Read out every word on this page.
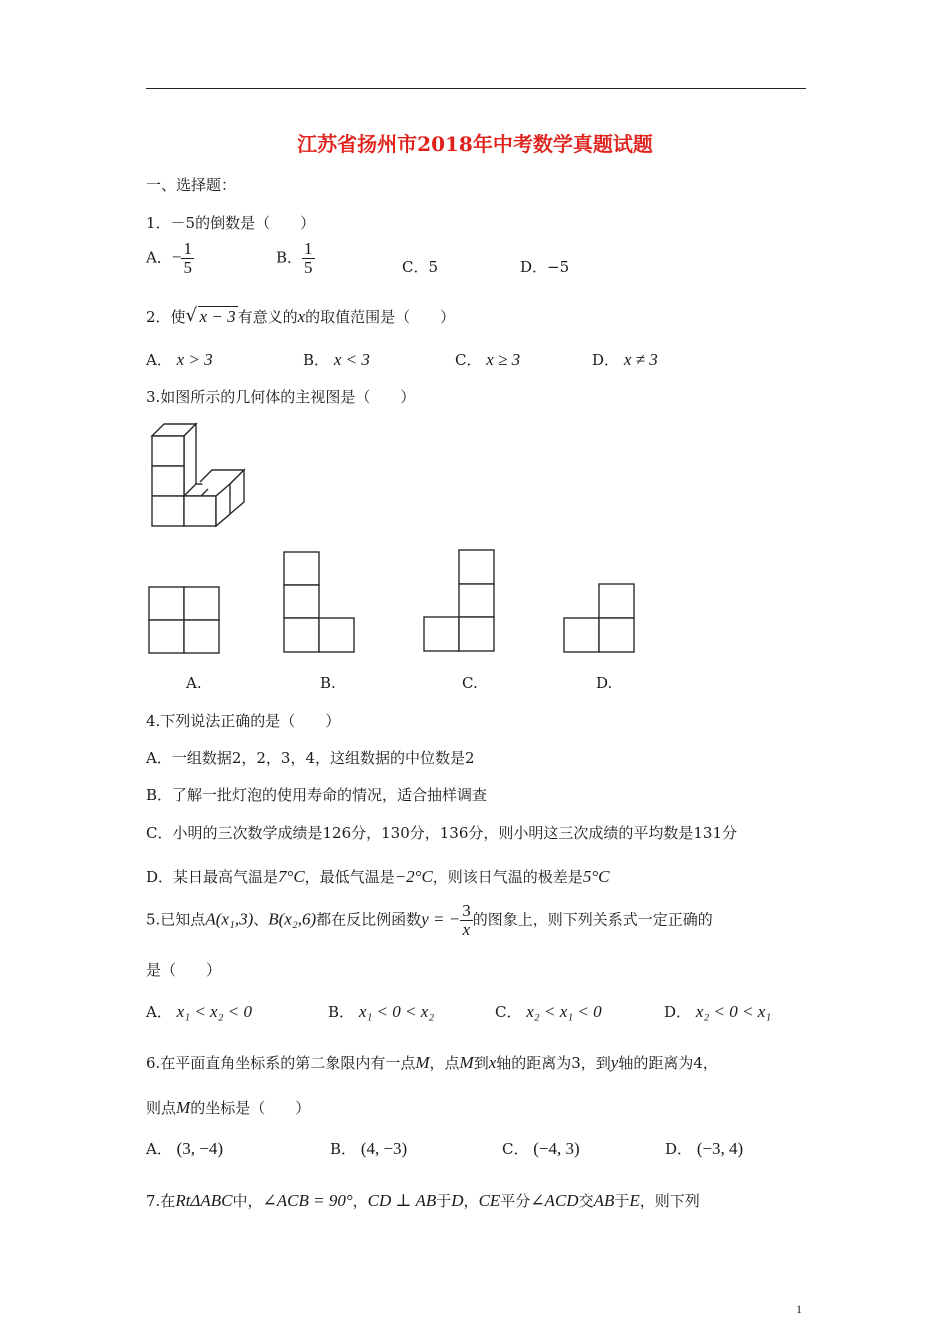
江苏省扬州市2018年中考数学真题试题
一、选择题：
1．－5的倒数是（　　）
A．− $\frac{1}{5}$	B． $\frac{1}{5}$	C．5	D．−5
2．使 √ x − 3 有意义的x的取值范围是（　　）
A． x > 3	B． x < 3	C． x ≥ 3	D． x ≠ 3
3.如图所示的几何体的主视图是（　　）
A.	B.	C.	D.
4.下列说法正确的是（　　）
A．一组数据2，2，3，4，这组数据的中位数是2
B．了解一批灯泡的使用寿命的情况，适合抽样调查
C．小明的三次数学成绩是126分，130分，136分，则小明这三次成绩的平均数是131分
D．某日最高气温是7°C，最低气温是−2°C，则该日气温的极差是5°C
5.已知点A(x₁,3)、B(x₂,6)都在反比例函数y = − $\frac{3}{x}$ 的图象上，则下列关系式一定正确的
是（　　）
A． x₁ < x₂ < 0	B． x₁ < 0 < x₂	C． x₂ < x₁ < 0	D． x₂ < 0 < x₁
6.在平面直角坐标系的第二象限内有一点M，点M到x轴的距离为3，到y轴的距离为4，
则点M的坐标是（　　）
A． (3, −4)	B． (4, −3)	C． (−4, 3)	D． (−3, 4)
7.在RtΔABC中，∠ACB = 90°，CD ⊥ AB于D，CE平分∠ACD交AB于E，则下列
1
